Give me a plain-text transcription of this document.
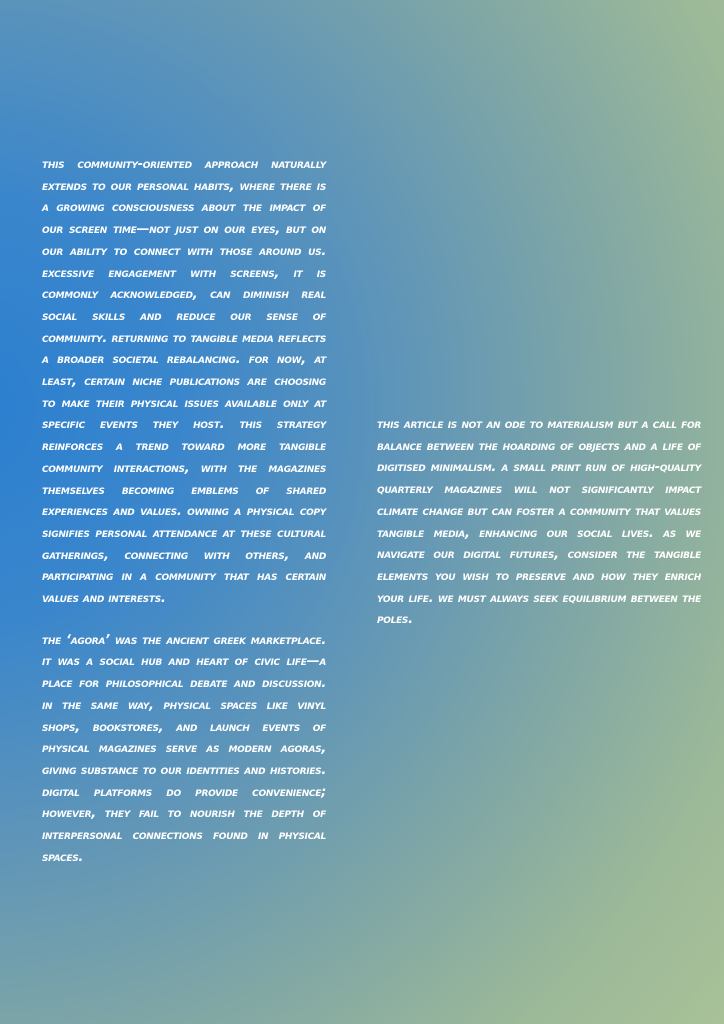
this community-oriented approach naturally extends to our personal habits, where there is a growing consciousness about the impact of our screen time—not just on our eyes, but on our ability to connect with those around us. excessive engagement with screens, it is commonly acknowledged, can diminish real social skills and reduce our sense of community. returning to tangible media reflects a broader societal rebalancing. for now, at least, certain niche publications are choosing to make their physical issues available only at specific events they host. this strategy reinforces a trend toward more tangible community interactions, with the magazines themselves becoming emblems of shared experiences and values. owning a physical copy signifies personal attendance at these cultural gatherings, connecting with others, and participating in a community that has certain values and interests.

the ‘agora’ was the ancient greek marketplace. it was a social hub and heart of civic life—a place for philosophical debate and discussion. in the same way, physical spaces like vinyl shops, bookstores, and launch events of physical magazines serve as modern agoras, giving substance to our identities and histories. digital platforms do provide convenience; however, they fail to nourish the depth of interpersonal connections found in physical spaces.

this article is not an ode to materialism but a call for balance between the hoarding of objects and a life of digitised minimalism. a small print run of high-quality quarterly magazines will not significantly impact climate change but can foster a community that values tangible media, enhancing our social lives. as we navigate our digital futures, consider the tangible elements you wish to preserve and how they enrich your life. we must always seek equilibrium between the poles.
